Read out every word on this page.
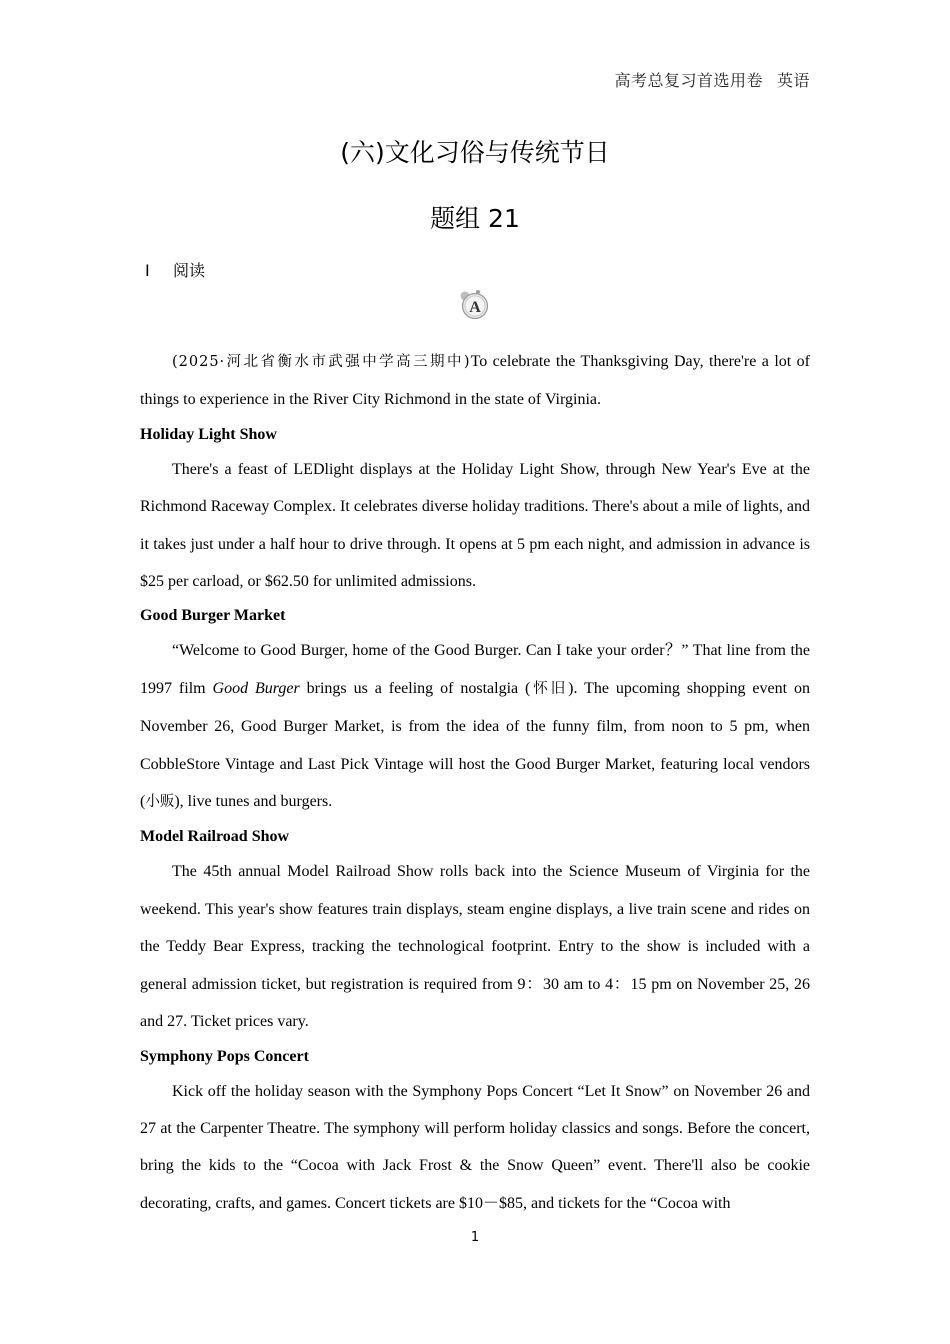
高考总复习首选用卷 英语
(六)文化习俗与传统节日
题组 21
Ⅰ 阅读
A

(2025·河北省衡水市武强中学高三期中)To celebrate the Thanksgiving Day, there're a lot of things to experience in the River City Richmond in the state of Virginia.

Holiday Light Show

There's a feast of LEDlight displays at the Holiday Light Show, through New Year's Eve at the Richmond Raceway Complex. It celebrates diverse holiday traditions. There's about a mile of lights, and it takes just under a half hour to drive through. It opens at 5 pm each night, and admission in advance is $25 per carload, or $62.50 for unlimited admissions.

Good Burger Market

“Welcome to Good Burger, home of the Good Burger. Can I take your order？” That line from the 1997 film Good Burger brings us a feeling of nostalgia (怀旧). The upcoming shopping event on November 26, Good Burger Market, is from the idea of the funny film, from noon to 5 pm, when CobbleStore Vintage and Last Pick Vintage will host the Good Burger Market, featuring local vendors (小贩), live tunes and burgers.

Model Railroad Show

The 45th annual Model Railroad Show rolls back into the Science Museum of Virginia for the weekend. This year's show features train displays, steam engine displays, a live train scene and rides on the Teddy Bear Express, tracking the technological footprint. Entry to the show is included with a general admission ticket, but registration is required from 9：30 am to 4：15 pm on November 25, 26 and 27. Ticket prices vary.

Symphony Pops Concert

Kick off the holiday season with the Symphony Pops Concert “Let It Snow” on November 26 and 27 at the Carpenter Theatre. The symphony will perform holiday classics and songs. Before the concert, bring the kids to the “Cocoa with Jack Frost & the Snow Queen” event. There'll also be cookie decorating, crafts, and games. Concert tickets are $10－$85, and tickets for the “Cocoa with

1
